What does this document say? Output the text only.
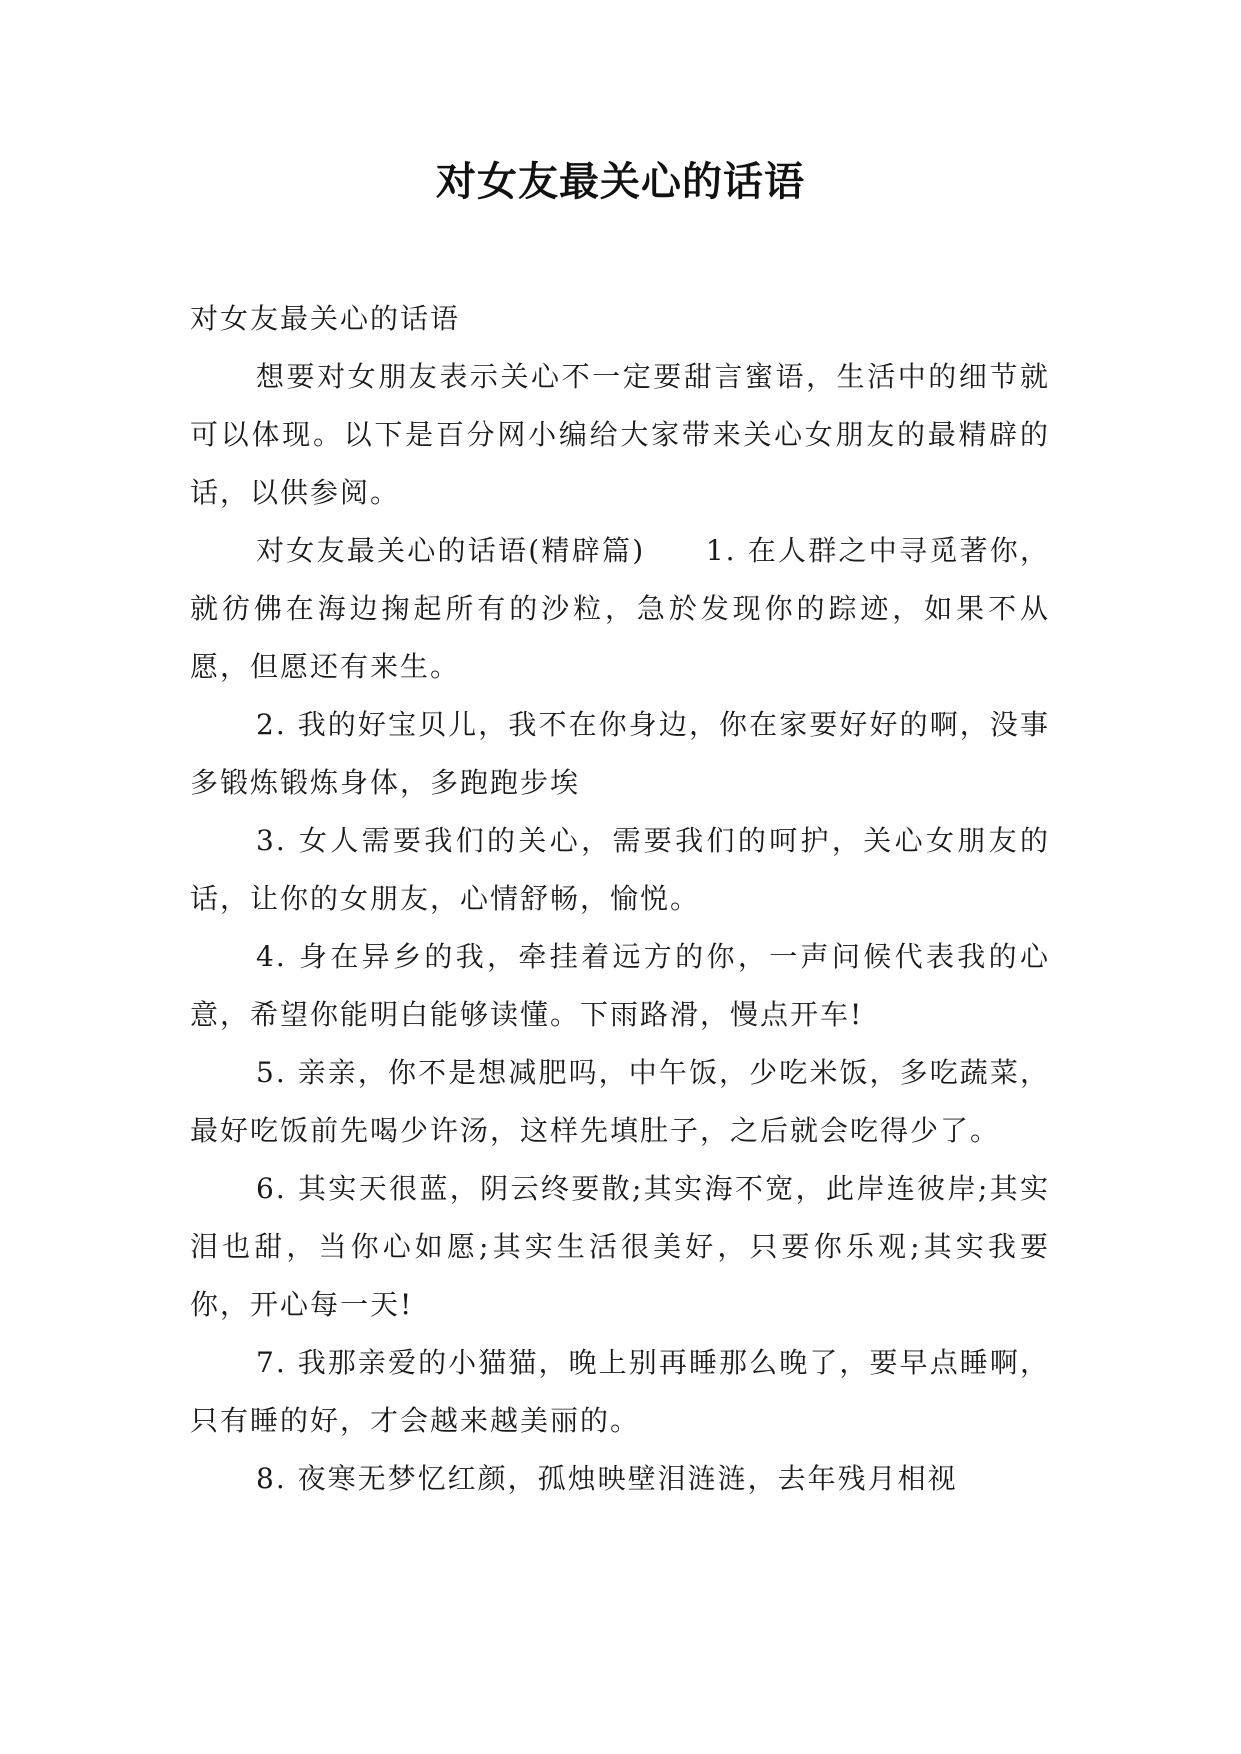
对女友最关心的话语

对女友最关心的话语

想要对女朋友表示关心不一定要甜言蜜语，生活中的细节就可以体现。以下是百分网小编给大家带来关心女朋友的最精辟的话，以供参阅。

对女友最关心的话语(精辟篇)　　1. 在人群之中寻觅著你，就彷佛在海边掬起所有的沙粒，急於发现你的踪迹，如果不从愿，但愿还有来生。

2. 我的好宝贝儿，我不在你身边，你在家要好好的啊，没事多锻炼锻炼身体，多跑跑步埃

3. 女人需要我们的关心，需要我们的呵护，关心女朋友的话，让你的女朋友，心情舒畅，愉悦。

4. 身在异乡的我，牵挂着远方的你，一声问候代表我的心意，希望你能明白能够读懂。下雨路滑，慢点开车!

5. 亲亲，你不是想减肥吗，中午饭，少吃米饭，多吃蔬菜，最好吃饭前先喝少许汤，这样先填肚子，之后就会吃得少了。

6. 其实天很蓝，阴云终要散;其实海不宽，此岸连彼岸;其实泪也甜，当你心如愿;其实生活很美好，只要你乐观;其实我要你，开心每一天!

7. 我那亲爱的小猫猫，晚上别再睡那么晚了，要早点睡啊，只有睡的好，才会越来越美丽的。

8. 夜寒无梦忆红颜，孤烛映壁泪涟涟，去年残月相视
